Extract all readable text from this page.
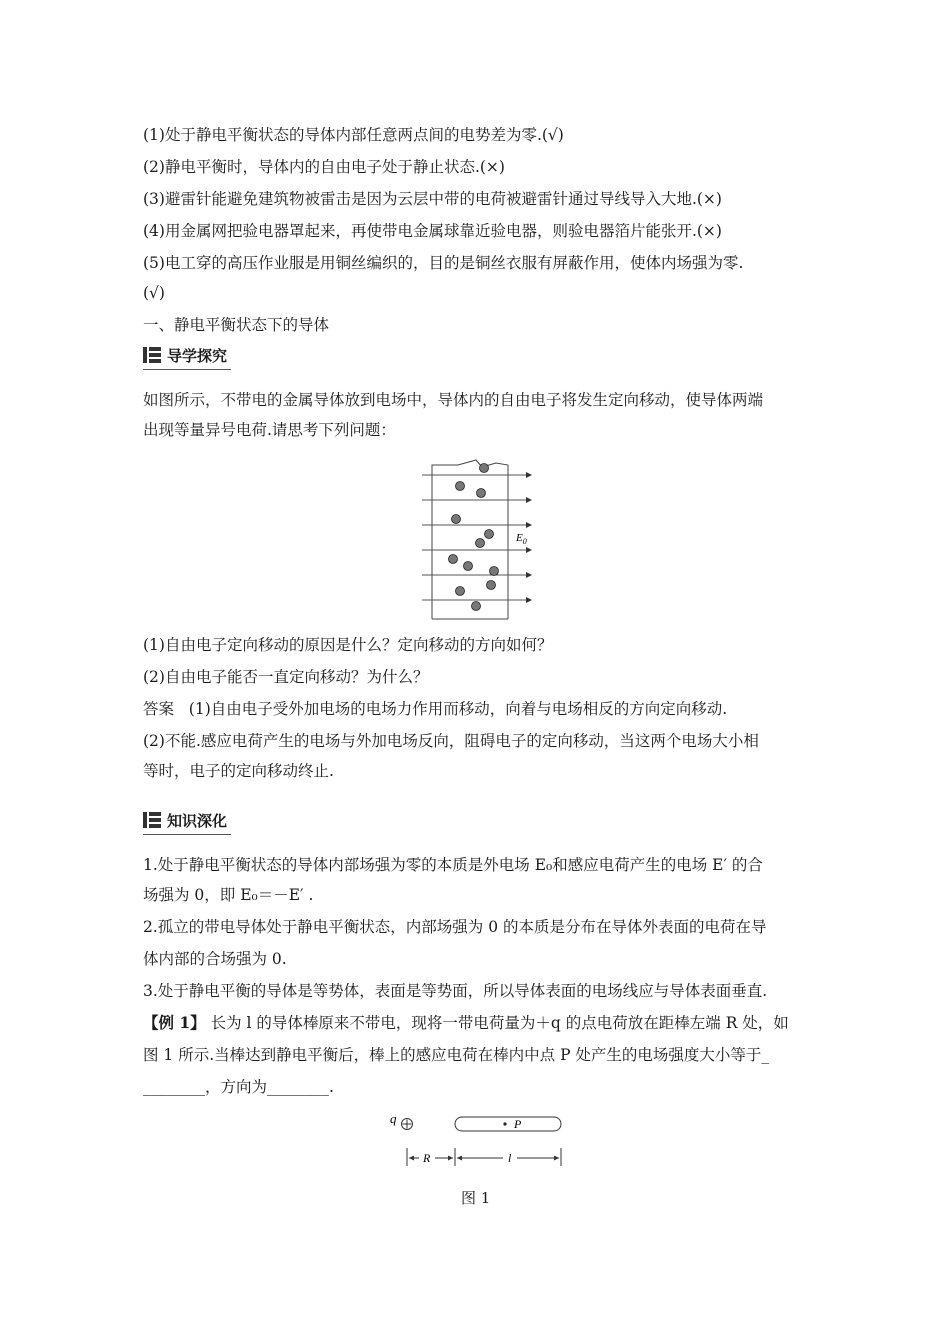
(1)处于静电平衡状态的导体内部任意两点间的电势差为零.(√)
(2)静电平衡时，导体内的自由电子处于静止状态.(×)
(3)避雷针能避免建筑物被雷击是因为云层中带的电荷被避雷针通过导线导入大地.(×)
(4)用金属网把验电器罩起来，再使带电金属球靠近验电器，则验电器箔片能张开.(×)
(5)电工穿的高压作业服是用铜丝编织的，目的是铜丝衣服有屏蔽作用，使体内场强为零.
(√)
一、静电平衡状态下的导体
导学探究
如图所示，不带电的金属导体放到电场中，导体内的自由电子将发生定向移动，使导体两端
出现等量异号电荷.请思考下列问题：
$E_0$
(1)自由电子定向移动的原因是什么？定向移动的方向如何？
(2)自由电子能否一直定向移动？为什么？
答案 (1)自由电子受外加电场的电场力作用而移动，向着与电场相反的方向定向移动.
(2)不能.感应电荷产生的电场与外加电场反向，阻碍电子的定向移动，当这两个电场大小相
等时，电子的定向移动终止.
知识深化
1.处于静电平衡状态的导体内部场强为零的本质是外电场 E₀和感应电荷产生的电场 E′ 的合
场强为 0，即 E₀＝－E′ .
2.孤立的带电导体处于静电平衡状态，内部场强为 0 的本质是分布在导体外表面的电荷在导
体内部的合场强为 0.
3.处于静电平衡的导体是等势体，表面是等势面，所以导体表面的电场线应与导体表面垂直.
【例 1】 长为 l 的导体棒原来不带电，现将一带电荷量为＋q 的点电荷放在距棒左端 R 处，如
图 1 所示.当棒达到静电平衡后，棒上的感应电荷在棒内中点 P 处产生的电场强度大小等于_
________，方向为________.
q	P
R	l
图 1
